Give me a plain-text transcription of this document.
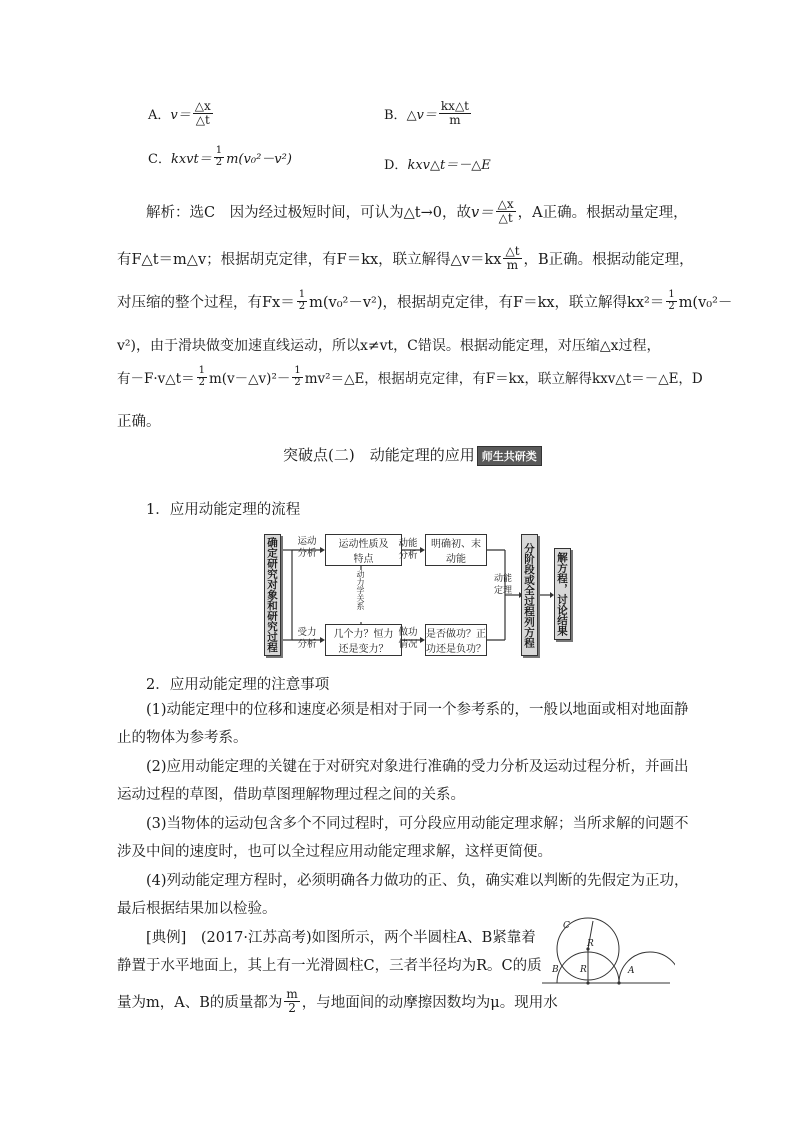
A． $v= \frac{\triangle x}{\triangle t}$	B． △v＝ $\frac{kx\triangle t}{m}$
C． kxvt＝ $\frac{1}{2} m(v_0^2-v^2)$	D． kxv△t＝－△E
解析：选C　因为经过极短时间，可认为△t→0，故 $v= \frac{\triangle x}{\triangle t}$ ，A正确。根据动量定理，
有F△t＝m△v；根据胡克定律，有F＝kx，联立解得△v＝kx $\frac{\triangle t}{m}$ ，B正确。根据动能定理，
对压缩的整个过程，有$Fx= \frac{1}{2} m(v_0^2-v^2)$，根据胡克定律，有F＝kx，联立解得$kx^2= \frac{1}{2} m(v_0^2-$
v²)，由于滑块做变加速直线运动，所以x≠vt，C错误。根据动能定理，对压缩△x过程，
有－F·v△t＝ $\frac{1}{2}$ m(v－△v)²－ $\frac{1}{2}$ mv²＝△E，根据胡克定律，有F＝kx，联立解得kxv△t＝－△E，D
正确。
突破点(二)　动能定理的应用 师生共研类
1．应用动能定理的流程
确定研究对象和研究过程	运动
分析
运动性质及
特点
动能
分析
明确初、末
动能
动力学关系
受力
分析
几个力？恒力
还是变力？
做功
情况
是否做功？正
功还是负功？
动能
定理	分阶段或全过程列方程 解方程，讨论结果
2．应用动能定理的注意事项
(1)动能定理中的位移和速度必须是相对于同一个参考系的，一般以地面或相对地面静
止的物体为参考系。
(2)应用动能定理的关键在于对研究对象进行准确的受力分析及运动过程分析，并画出
运动过程的草图，借助草图理解物理过程之间的关系。
(3)当物体的运动包含多个不同过程时，可分段应用动能定理求解；当所求解的问题不
涉及中间的速度时，也可以全过程应用动能定理求解，这样更简便。
(4)列动能定理方程时，必须明确各力做功的正、负，确实难以判断的先假定为正功，
最后根据结果加以检验。
[典例]　(2017·江苏高考)如图所示，两个半圆柱A、B紧靠着
静置于水平地面上，其上有一光滑圆柱C，三者半径均为R。C的质
量为m，A、B的质量都为 $\frac{m}{2}$ ，与地面间的动摩擦因数均为μ。现用水
C
R
R
B	A
